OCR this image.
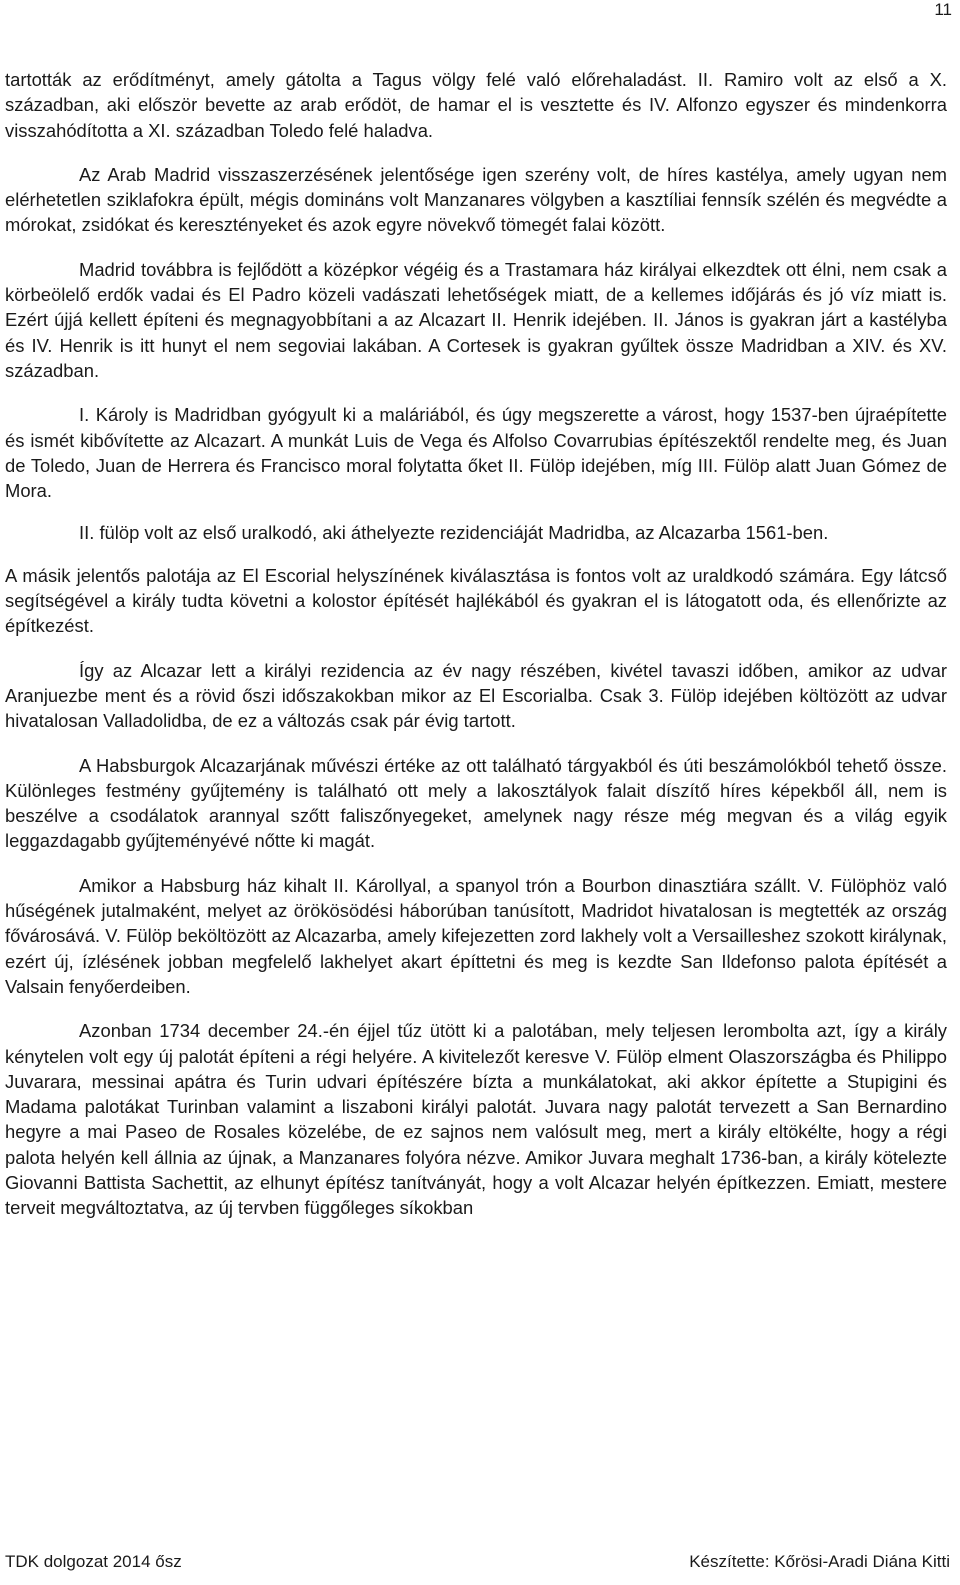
11

tartották az erődítményt, amely gátolta a Tagus völgy felé való előrehaladást. II. Ramiro volt az első a X. században, aki először bevette az arab erődöt, de hamar el is vesztette és IV. Alfonzo egyszer és mindenkorra visszahódította a XI. században Toledo felé haladva.

Az Arab Madrid visszaszerzésének jelentősége igen szerény volt, de híres kastélya, amely ugyan nem elérhetetlen sziklafokra épült, mégis domináns volt Manzanares völgyben a kasztíliai fennsík szélén és megvédte a mórokat, zsidókat és keresztényeket és azok egyre növekvő tömegét falai között.

Madrid továbbra is fejlődött a középkor végéig és a Trastamara ház királyai elkezdtek ott élni, nem csak a körbeölelő erdők vadai és El Padro közeli vadászati lehetőségek miatt, de a kellemes időjárás és jó víz miatt is. Ezért újjá kellett építeni és megnagyobbítani a az Alcazart II. Henrik idejében. II. János is gyakran járt a kastélyba és IV. Henrik is itt hunyt el nem segoviai lakában. A Cortesek is gyakran gyűltek össze Madridban a XIV. és XV. században.

I. Károly is Madridban gyógyult ki a maláriából, és úgy megszerette a várost, hogy 1537-ben újraépítette és ismét kibővítette az Alcazart. A munkát Luis de Vega és Alfolso Covarrubias építészektől rendelte meg, és Juan de Toledo, Juan de Herrera és Francisco moral folytatta őket II. Fülöp idejében, míg III. Fülöp alatt Juan Gómez de Mora.

II. fülöp volt az első uralkodó, aki áthelyezte rezidenciáját Madridba, az Alcazarba 1561-ben.

A másik jelentős palotája az El Escorial helyszínének kiválasztása is fontos volt az uraldkodó számára. Egy látcső segítségével a király tudta követni a kolostor építését hajlékából és gyakran el is látogatott oda, és ellenőrizte az építkezést.

Így az Alcazar lett a királyi rezidencia az év nagy részében, kivétel tavaszi időben, amikor az udvar Aranjuezbe ment és a rövid őszi időszakokban mikor az El Escorialba. Csak 3. Fülöp idejében költözött az udvar hivatalosan Valladolidba, de ez a változás csak pár évig tartott.

A Habsburgok Alcazarjának művészi értéke az ott található tárgyakból és úti beszámolókból tehető össze. Különleges festmény gyűjtemény is található ott mely a lakosztályok falait díszítő híres képekből áll, nem is beszélve a csodálatok arannyal szőtt faliszőnyegeket, amelynek nagy része még megvan és a világ egyik leggazdagabb gyűjteményévé nőtte ki magát.

Amikor a Habsburg ház kihalt II. Károllyal, a spanyol trón a Bourbon dinasztiára szállt. V. Fülöphöz való hűségének jutalmaként, melyet az örökösödési háborúban tanúsított, Madridot hivatalosan is megtették az ország fővárosává. V. Fülöp beköltözött az Alcazarba, amely kifejezetten zord lakhely volt a Versailleshez szokott királynak, ezért új, ízlésének jobban megfelelő lakhelyet akart építtetni és meg is kezdte San Ildefonso palota építését a Valsain fenyőerdeiben.

Azonban 1734 december 24.-én éjjel tűz ütött ki a palotában, mely teljesen lerombolta azt, így a király kénytelen volt egy új palotát építeni a régi helyére. A kivitelezőt keresve V. Fülöp elment Olaszországba és Philippo Juvarara, messinai apátra és Turin udvari építészére bízta a munkálatokat, aki akkor építette a Stupigini és Madama palotákat Turinban valamint a liszaboni királyi palotát. Juvara nagy palotát tervezett a San Bernardino hegyre a mai Paseo de Rosales közelébe, de ez sajnos nem valósult meg, mert a király eltökélte, hogy a régi palota helyén kell állnia az újnak, a Manzanares folyóra nézve. Amikor Juvara meghalt 1736-ban, a király kötelezte Giovanni Battista Sachettit, az elhunyt építész tanítványát, hogy a volt Alcazar helyén építkezzen. Emiatt, mestere terveit megváltoztatva, az új tervben függőleges síkokban

TDK dolgozat 2014 ősz	Készítette: Kőrösi-Aradi Diána Kitti
